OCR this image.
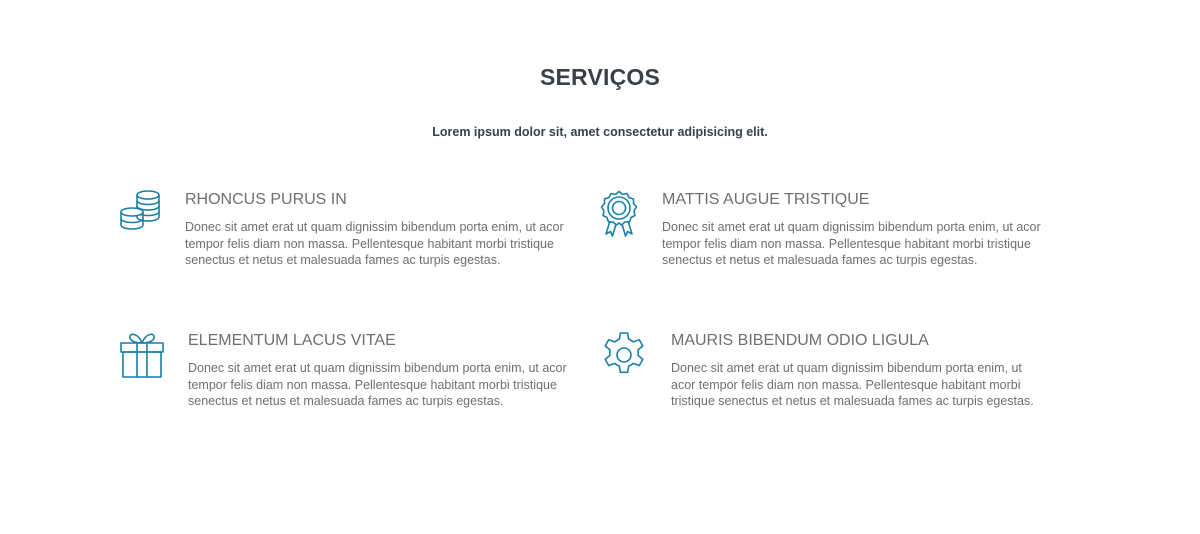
SERVIÇOS

Lorem ipsum dolor sit, amet consectetur adipisicing elit.

RHONCUS PURUS IN

Donec sit amet erat ut quam dignissim bibendum porta enim, ut acor tempor felis diam non massa. Pellentesque habitant morbi tristique senectus et netus et malesuada fames ac turpis egestas.

MATTIS AUGUE TRISTIQUE

Donec sit amet erat ut quam dignissim bibendum porta enim, ut acor tempor felis diam non massa. Pellentesque habitant morbi tristique senectus et netus et malesuada fames ac turpis egestas.

ELEMENTUM LACUS VITAE

Donec sit amet erat ut quam dignissim bibendum porta enim, ut acor tempor felis diam non massa. Pellentesque habitant morbi tristique senectus et netus et malesuada fames ac turpis egestas.

MAURIS BIBENDUM ODIO LIGULA

Donec sit amet erat ut quam dignissim bibendum porta enim, ut acor tempor felis diam non massa. Pellentesque habitant morbi tristique senectus et netus et malesuada fames ac turpis egestas.
